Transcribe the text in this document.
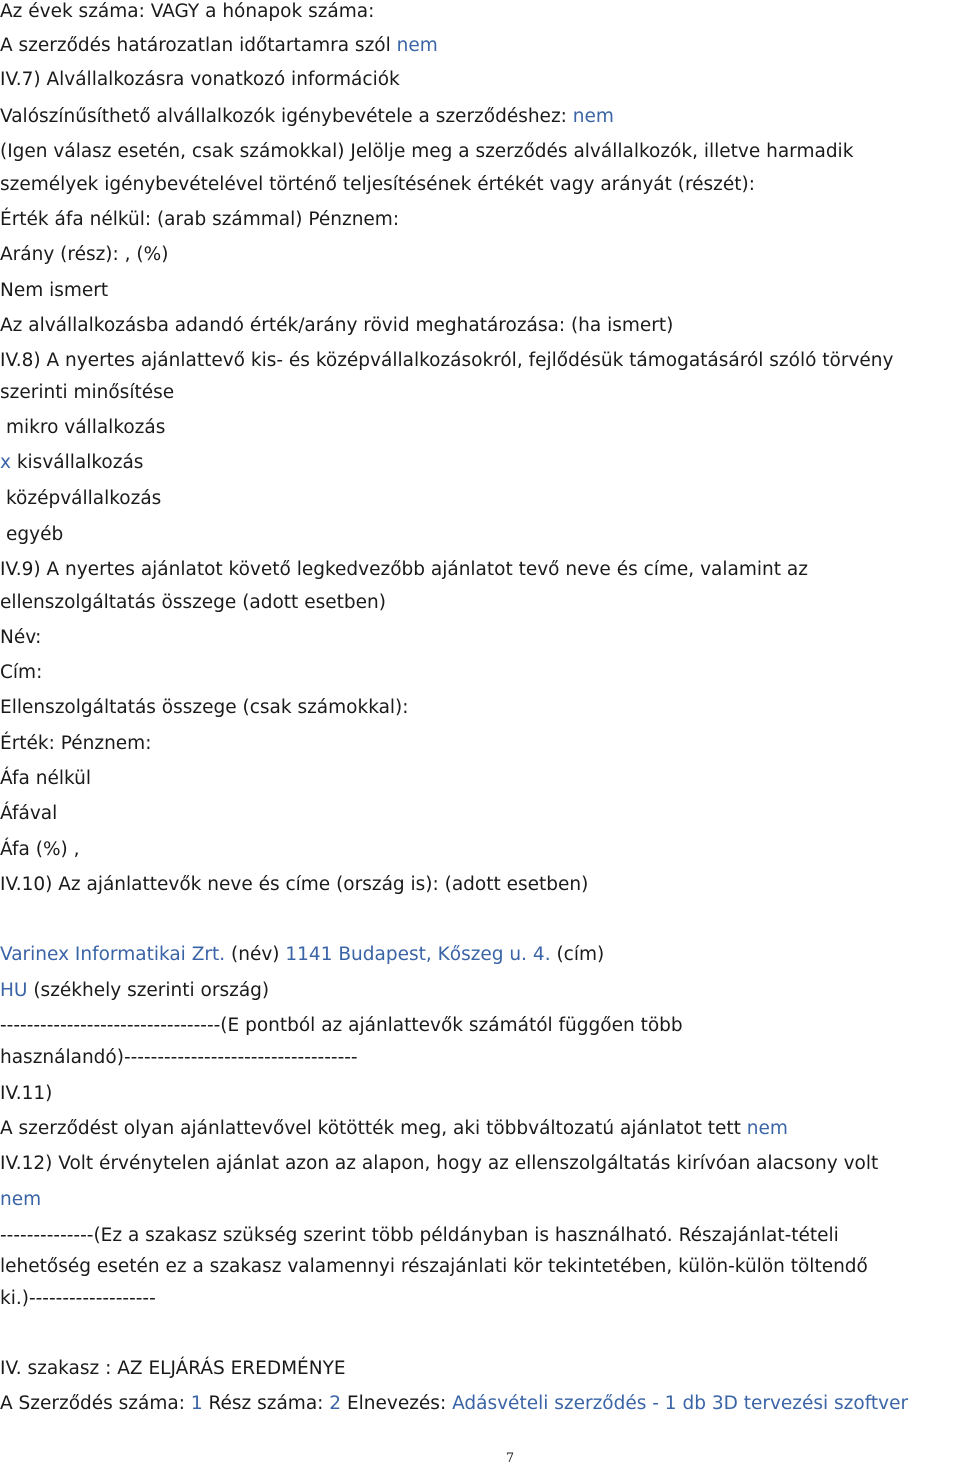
Az évek száma: VAGY a hónapok száma:
A szerződés határozatlan időtartamra szól nem
IV.7) Alvállalkozásra vonatkozó információk
Valószínűsíthető alvállalkozók igénybevétele a szerződéshez: nem
(Igen válasz esetén, csak számokkal) Jelölje meg a szerződés alvállalkozók, illetve harmadik
személyek igénybevételével történő teljesítésének értékét vagy arányát (részét):
Érték áfa nélkül: (arab számmal) Pénznem:
Arány (rész): , (%)
Nem ismert
Az alvállalkozásba adandó érték/arány rövid meghatározása: (ha ismert)
IV.8) A nyertes ajánlattevő kis- és középvállalkozásokról, fejlődésük támogatásáról szóló törvény
szerinti minősítése
mikro vállalkozás
x kisvállalkozás
középvállalkozás
egyéb
IV.9) A nyertes ajánlatot követő legkedvezőbb ajánlatot tevő neve és címe, valamint az
ellenszolgáltatás összege (adott esetben)
Név:
Cím:
Ellenszolgáltatás összege (csak számokkal):
Érték: Pénznem:
Áfa nélkül
Áfával
Áfa (%) ,
IV.10) Az ajánlattevők neve és címe (ország is): (adott esetben)
Varinex Informatikai Zrt. (név) 1141 Budapest, Kőszeg u. 4. (cím)
HU (székhely szerinti ország)
---------------------------------(E pontból az ajánlattevők számától függően több
használandó)-----------------------------------
IV.11)
A szerződést olyan ajánlattevővel kötötték meg, aki többváltozatú ajánlatot tett nem
IV.12) Volt érvénytelen ajánlat azon az alapon, hogy az ellenszolgáltatás kirívóan alacsony volt
nem
--------------(Ez a szakasz szükség szerint több példányban is használható. Részajánlat-tételi
lehetőség esetén ez a szakasz valamennyi részajánlati kör tekintetében, külön-külön töltendő
ki.)-------------------
IV. szakasz : AZ ELJÁRÁS EREDMÉNYE
A Szerződés száma: 1 Rész száma: 2 Elnevezés: Adásvételi szerződés - 1 db 3D tervezési szoftver
7
